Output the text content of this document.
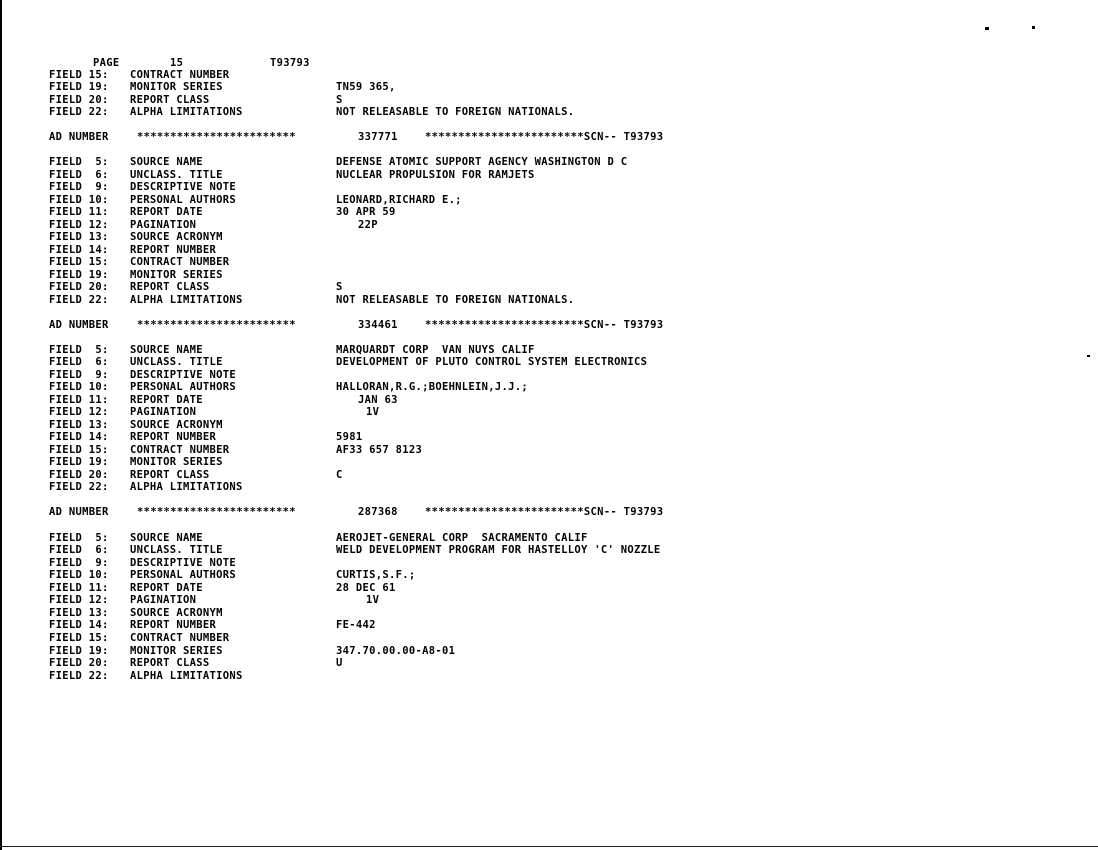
PAGE	15	T93793
FIELD 15: CONTRACT NUMBER
FIELD 19: MONITOR SERIES	TN59 365,
FIELD 20: REPORT CLASS	S
FIELD 22: ALPHA LIMITATIONS	NOT RELEASABLE TO FOREIGN NATIONALS.
AD NUMBER	************************	337771	************************SCN-- T93793
FIELD  5: SOURCE NAME	DEFENSE ATOMIC SUPPORT AGENCY WASHINGTON D C
FIELD  6: UNCLASS. TITLE	NUCLEAR PROPULSION FOR RAMJETS
FIELD  9: DESCRIPTIVE NOTE
FIELD 10: PERSONAL AUTHORS	LEONARD,RICHARD E.;
FIELD 11: REPORT DATE	30 APR 59
FIELD 12: PAGINATION	22P
FIELD 13: SOURCE ACRONYM
FIELD 14: REPORT NUMBER
FIELD 15: CONTRACT NUMBER
FIELD 19: MONITOR SERIES
FIELD 20: REPORT CLASS	S
FIELD 22: ALPHA LIMITATIONS	NOT RELEASABLE TO FOREIGN NATIONALS.
AD NUMBER	************************	334461	************************SCN-- T93793
FIELD  5: SOURCE NAME	MARQUARDT CORP  VAN NUYS CALIF
FIELD  6: UNCLASS. TITLE	DEVELOPMENT OF PLUTO CONTROL SYSTEM ELECTRONICS
FIELD  9: DESCRIPTIVE NOTE
FIELD 10: PERSONAL AUTHORS	HALLORAN,R.G.;BOEHNLEIN,J.J.;
FIELD 11: REPORT DATE	JAN 63
FIELD 12: PAGINATION	1V
FIELD 13: SOURCE ACRONYM
FIELD 14: REPORT NUMBER	5981
FIELD 15: CONTRACT NUMBER	AF33 657 8123
FIELD 19: MONITOR SERIES
FIELD 20: REPORT CLASS	C
FIELD 22: ALPHA LIMITATIONS
AD NUMBER	************************	287368	************************SCN-- T93793
FIELD  5: SOURCE NAME	AEROJET-GENERAL CORP  SACRAMENTO CALIF
FIELD  6: UNCLASS. TITLE	WELD DEVELOPMENT PROGRAM FOR HASTELLOY 'C' NOZZLE
FIELD  9: DESCRIPTIVE NOTE
FIELD 10: PERSONAL AUTHORS	CURTIS,S.F.;
FIELD 11: REPORT DATE	28 DEC 61
FIELD 12: PAGINATION	1V
FIELD 13: SOURCE ACRONYM
FIELD 14: REPORT NUMBER	FE-442
FIELD 15: CONTRACT NUMBER
FIELD 19: MONITOR SERIES	347.70.00.00-A8-01
FIELD 20: REPORT CLASS	U
FIELD 22: ALPHA LIMITATIONS
